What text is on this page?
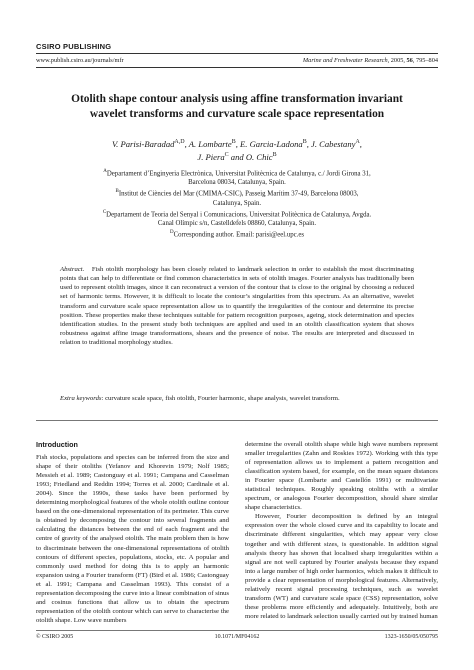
CSIRO PUBLISHING
www.publish.csiro.au/journals/mfr	Marine and Freshwater Research, 2005, 56, 795–804
Otolith shape contour analysis using affine transformation invariant
wavelet transforms and curvature scale space representation
V. Parisi-Baradad$^{A,D}$, A. Lombarte$^B$, E. Garcia-Ladona$^B$, J. Cabestany$^A$,
J. Piera$^C$ and O. Chic$^B$
$^A$Departament d’Enginyeria Electrònica, Universitat Politècnica de Catalunya, c./ Jordi Girona 31,
Barcelona 08034, Catalunya, Spain.
$^B$Institut de Ciències del Mar (CMIMA-CSIC), Passeig Marítim 37-49, Barcelona 08003,
Catalunya, Spain.
$^C$Departament de Teoria del Senyal i Comunicacions, Universitat Politècnica de Catalunya, Avgda.
Canal Olímpic s/n, Castelldefels 08860, Catalunya, Spain.
$^D$Corresponding author. Email: parisi@eel.upc.es
Abstract. Fish otolith morphology has been closely related to landmark selection in order to establish the most discriminating points that can help to differentiate or find common characteristics in sets of otolith images. Fourier analysis has traditionally been used to represent otolith images, since it can reconstruct a version of the contour that is close to the original by choosing a reduced set of harmonic terms. However, it is difficult to locate the contour’s singularities from this spectrum. As an alternative, wavelet transform and curvature scale space representation allow us to quantify the irregularities of the contour and determine its precise position. These properties make these techniques suitable for pattern recognition purposes, ageing, stock determination and species identification studies. In the present study both techniques are applied and used in an otolith classification system that shows robustness against affine image transformations, shears and the presence of noise. The results are interpreted and discussed in relation to traditional morphology studies.
Extra keywords: curvature scale space, fish otolith, Fourier harmonic, shape analysis, wavelet transform.
Introduction

Fish stocks, populations and species can be inferred from the size and shape of their otoliths (Yefanov and Khorevin 1979; Nolf 1985; Messieh et al. 1989; Castonguay et al. 1991; Campana and Casselman 1993; Friedland and Reddin 1994; Torres et al. 2000; Cardinale et al. 2004). Since the 1990s, these tasks have been performed by determining morphological features of the whole otolith outline contour based on the one-dimensional representation of its perimeter. This curve is obtained by decomposing the contour into several fragments and calculating the distances between the end of each fragment and the centre of gravity of the analysed otolith. The main problem then is how to discriminate between the one-dimensional representations of otolith contours of different species, populations, stocks, etc. A popular and commonly used method for doing this is to apply an harmonic expansion using a Fourier transform (FT) (Bird et al. 1986; Castonguay et al. 1991; Campana and Casselman 1993). This consist of a representation decomposing the curve into a linear combination of sinus and cosinus functions that allow us to obtain the spectrum representation of the otolith contour which can serve to characterise the otolith shape. Low wave numbers

determine the overall otolith shape while high wave numbers represent smaller irregularities (Zahn and Roskies 1972). Working with this type of representation allows us to implement a pattern recognition and classification system based, for example, on the mean square distances in Fourier space (Lombarte and Castellón 1991) or multivariate statistical techniques. Roughly speaking otoliths with a similar spectrum, or analogous Fourier decomposition, should share similar shape characteristics.

However, Fourier decomposition is defined by an integral expression over the whole closed curve and its capability to locate and discriminate different singularities, which may appear very close together and with different sizes, is questionable. In addition signal analysis theory has shown that localised sharp irregularities within a signal are not well captured by Fourier analysis because they expand into a large number of high order harmonics, which makes it difficult to provide a clear representation of morphological features. Alternatively, relatively recent signal processing techniques, such as wavelet transform (WT) and curvature scale space (CSS) representation, solve these problems more efficiently and adequately. Intuitively, both are more related to landmark selection usually carried out by trained human

© CSIRO 2005	10.1071/MF04162	1323-1650/05/050795
